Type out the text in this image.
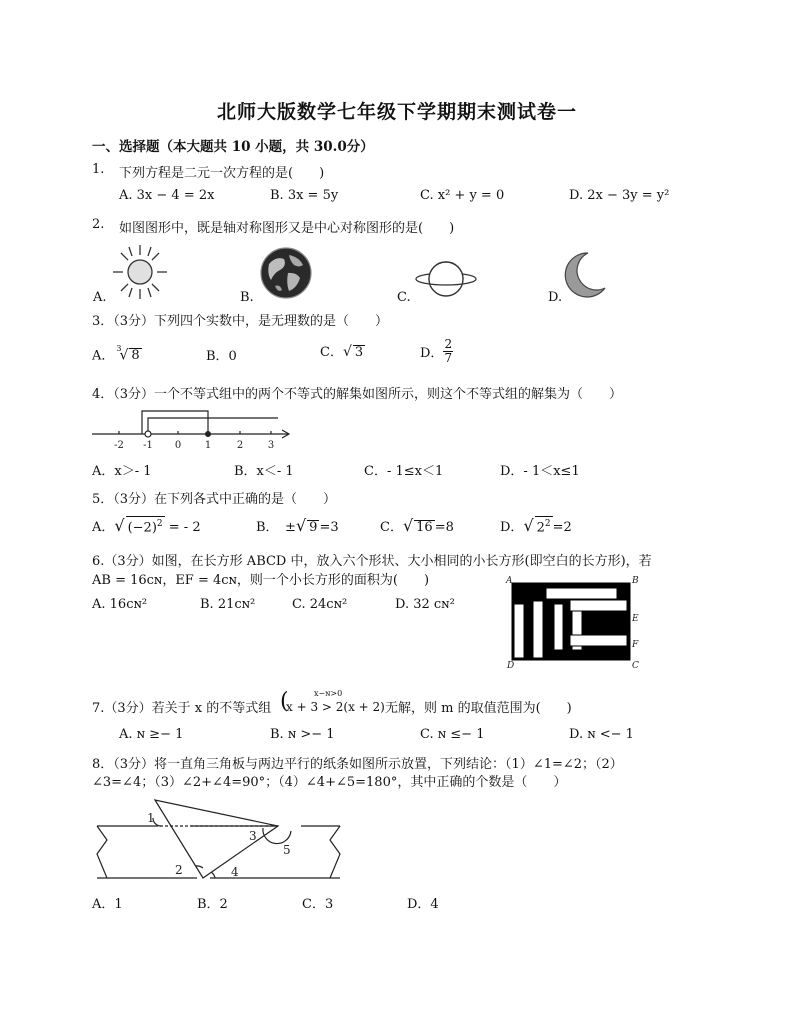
北师大版数学七年级下学期期末测试卷一
一、选择题（本大题共 10 小题，共 30.0分）
1. 下列方程是二元一次方程的是(　　)
A. 3x − 4 = 2x	B. 3x = 5y	C. x² + y = 0	D. 2x − 3y = y²
2. 如图图形中，既是轴对称图形又是中心对称图形的是(　　)
A.	B.	C.	D.
3．（3分）下列四个实数中，是无理数的是（　　）
A． $^3$√ 8	B．0	C．√ 3	D． $\frac{2}{7}$
4．（3分）一个不等式组中的两个不等式的解集如图所示，则这个不等式组的解集为（　　）
-2 -1 0 1	2 3
A．x＞- 1	B．x＜- 1	C．- 1≤x＜1	D．- 1＜x≤1
5．（3分）在下列各式中正确的是（　　）
A．√ $(-2)^2$ = - 2	B．　±√ 9 =3	C．√ 16 =8	D．√ $2^2 =2$
6.（3分）如图，在长方形 ABCD 中，放入六个形状、大小相同的小长方形(即空白的长方形)，若
AB = 16cɴ，EF = 4cɴ，则一个小长方形的面积为(　　)
A. 16cɴ²	B. 21cɴ²	C. 24cɴ²	D. 32 cɴ²
A	B
C
D
E
F
7.（3分）若关于 x 的不等式组 (	x−ɴ>0
x + 3 > 2(x + 2) 无解，则 m 的取值范围为(　　)
A. ɴ ≥− 1	B. ɴ >− 1	C. ɴ ≤− 1	D. ɴ <− 1
8．（3分）将一直角三角板与两边平行的纸条如图所示放置，下列结论：（1）∠1=∠2；（2）
∠3=∠4；（3）∠2+∠4=90°；（4）∠4+∠5=180°，其中正确的个数是（　　）
1
2
3
4
5
A．1	B．2	C．3	D．4
